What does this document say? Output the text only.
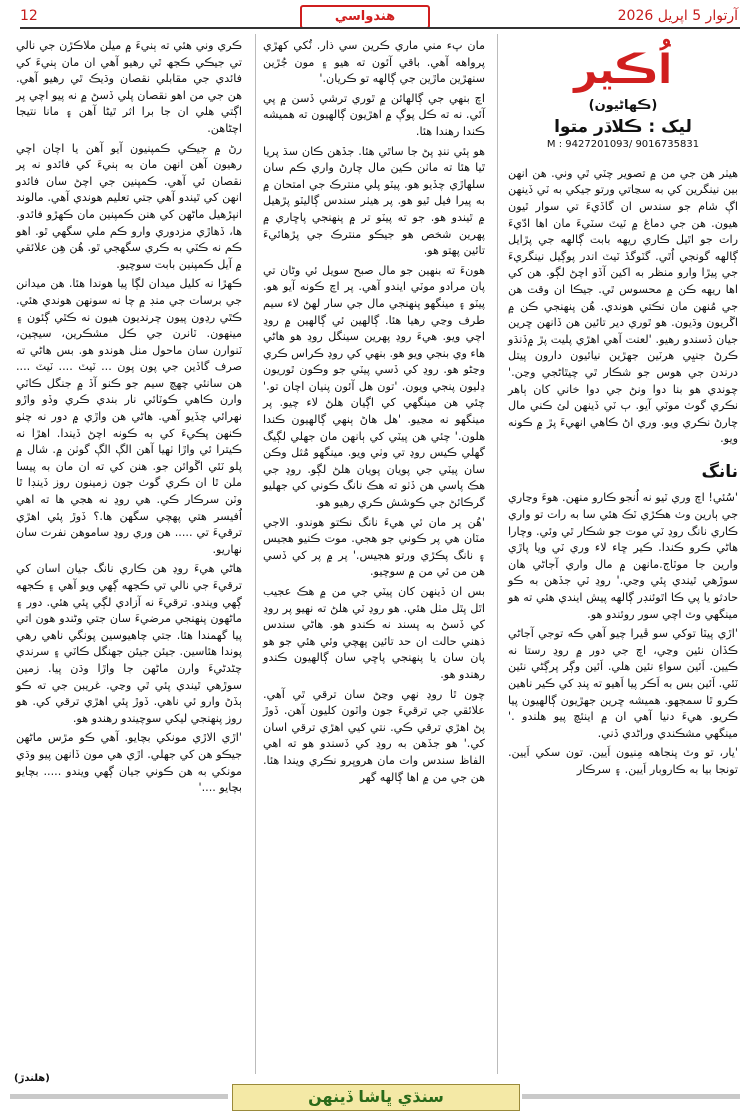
12	هندواسي	آرتوار 5 اپريل 2026
اُڪير
(ڪهاڻيون)
ليک : ڪلاڌر متوا
M : 9427201093/ 9016735831

هيٺر هن جي من ۾ تصوير چٽي ٿي وني. هن انهن بين نينگرين کي به سڃاتي ورتو جيکي به ٽي ڏينهن اڳ شام جو سندس ان گاڏيءَ تي سوار ٿيون هيون. هن جي دماغ ۾ ٽيٽ سٽيءَ مان اها ادّيءَ رات جو اٿيل ڪاري ريهه بابت ڳالهه جي پڙايل ڳالهه گونجي اُٿي. گٽوگڏ ٽيٽ اندر پوڳيل نينگريءَ جي پيڙا وارو منظر به اکين آڏو اچڻ لڳو. هن کي اها ريهه ڪن ۾ محسوس ٿي. جيڪا ان وقت هن جي مُنهن مان نڪتي هوندي. هُن پنهنجي ڪن ۾ اڱريون وڌيون. هو ٿوري دير تائين هن ڏانهن ڇرين جيان ڏسندو رهيو. 'لعنت آهي اهڙي پليت پڙ ۾ڏنڌو ڪرڻ جنڀي هرٽين جهڙين نيائيون دارون پيتل درندن جي هوس جو شڪار ٿي چيٿاڻجي وڃن.' چوندي هو بنا دوا ونڻ جي دوا خاني کان ٻاهر نڪري گوٺ موٽي آيو. ٻ ٽي ڏينهن لئ ڪني مال چارڻ نڪري ويو. وري اڻ ڪاهي انهيءَ پڙ ۾ ڪونه ويو.

نانگ

'سُئي! اچ وري ٽيو نه اُنجو ڪارو منهن. هوءَ وڃاري جي ٻارين وٺ هڪڙي ٽڪ هئي سا به رات تو واري ڪاري نانگ روڍ ٽي موت جو شڪار ٿي وئي. وچارا هاڻي ڪرو ڪندا. ڪير ڇاء لاء وري ٽي ويا پاڙي وارين جا موٽاڄ.مانهن ۾ مال واري آجاڻي هان سوڙهي ٿيندي پئي وڃي.' روڍ ٽي جڏهن به ڪو حادثو يا پي ڪا اٿوئنڊر ڳالهه پيش ايندي هئي ته هو مينگهي وٽ اچي سور روئندو هو.

'اڙي پيٽا توکي سو ڦيرا چيو آهي ڪه توجي آجاڻي ڪڏان نئين وڃي، اچ جي دور ۾ روڍ رستا نه ڪيين. اَئين سواءِ نئين هلي. اَئين وڳر پرڳڻي نئين ٽئي. اَئين بس به اَڪر پيا اَهيو ته پنڊ کي ڪير ناهين ڪرو ٿا سمجهو. هميشه ڇرين جهڙيون ڳالهيون پيا ڪريو. هيءَ دنيا آهي ان ۾ اينئچ پيو هلندو .' مينگهي مشڪندي وراڻدي ڏني.

'يار، تو وٽ پنجاهه مِنيون اَيين. تون سکي اَيين. تونجا بيا به ڪاروبار اَيين. ۽ سرڪار

مان پء مني ماري ڪرين سي ذار. ٽُکي کهڙي پرواهه آهي. باقي آئون ته هيو ۽ مون جُڙين سنهڙين ماڙين جي ڳالهه تو ڪريان.'

اچ بنهي جي ڳالهائن ۾ ٿوري ترشي ڏسن ۾ پي آئي. نه ته ڪل پوڳ ۾ اهڙيون ڳالهيون ته هميشه ڪندا رهندا هئا.

هو ٻئي ننڍ پڻ جا ساٿي هئا. جڏهن ڪان سڌ پريا ٿيا هئا ته ماٺن ڪين مال چارڻ واري ڪم سان سلهاڙي چڏيو هو. پيٽو پلي منترڪ جي امتحان ۾ به پيرا فيل ٿيو هو. پر هيٺر سندس ڳاليٽو پڙهيل ۾ ٿيندو هو. جو ته پيٽو تر ۾ پنهنجي پاڇاري ۾ پهرين شخص هو جيڪو منترڪ جي پڙهائيءَ تائين پهتو هو.

هونءَ ته بنهين جو مال صبح سويل ئي وڻان تي پان مرادو موٽي ايندو آهي. پر اچ ڪونه آيو هو. پيٽو ۽ مينگهو پنهنجي مال جي سار لهڻ لاء سيم طرف وڃي رهيا هئا. ڳالهين ئي ڳالهين ۾ روڍ اچي ويو. هيءَ روڍ پهرين سينگل روڍ هو هاڻي هاء وي بنجي ويو هو. بنهي کي روڍ ڪراس ڪري وڃڻو هو. روڍ کي ڏسي پيٽي جو وڪون ٿوريون ڍليون پنجي ويون. 'تون هل آئون پنيان اچان تو.' چئي هن مينگهي کي اڳيان هلڻ لاء چيو. پر مينگهو نه مڃيو. 'هل هاڻ ٻنهي ڳالهيون ڪندا هلون.' چئي هن پيٽي کي ٻانهن مان جهلي لڳيگ گهلي ڪيس روڍ تي وٺي ويو. مينگهو مُثل وڪن سان پيٽي جي پويان پويان هلڻ لڳو. روڍ جي هڪ پاسي هن ڏٺو ته هڪ نانگ ڪوني کي جهليو گرڪائڻ جي ڪوشش ڪري رهيو هو.

'هُن پر مان ئي هيءَ نانگ نڪتو هوندو. الاجي مٽان هي پر ڪوني جو هجي. موت ڪنيو هجيس ۽ نانگ پڪڙي ورتو هجيس.' پر ۾ پر کي ڏسي هن من ئي من ۾ سوچيو.

بس ان ڏينهن کان پيٽي جي من ۾ هڪ عجيب اٿل پٿل مٺل هئي. هو روڍ ٽي هلڻ ته نهيو پر روڍ کي ڏسڻ به پسند نه ڪندو هو. هاڻي سندس ذهني حالت ان حد تائين پهچي وئي هئي جو هو پان سان يا پنهنجي پاڇي سان ڳالهيون ڪندو رهندو هو.

چون ٿا روڍ نهي وڃڻ سان ترقي ٿي آهي. علائقي جي ترقيءَ جون واٽون کليون آهن. ڏوڙ پڻ اهڙي ترقي ڪي. نتي کيي اهڙي ترقي اسان کي.' هو جڏهن به روڍ کي ڏسندو هو ته اهي الفاظ سندس وات مان هروپرو نڪري ويندا هئا. هن جي من ۾ اها ڳالهه گهر

ڪري وني هئي ته ٻنيءَ ۾ ميلن ملاڪڙن جي نالي تي جيڪي ڪجھ ٿي رهيو آهي ان مان ٻنيءَ کي فائدي جي مقابلي نقصان وڌيڪ ٿي رهيو آهي. هن جي من اهو نقصان پلي ڏسڻ ۾ نه پيو اچي پر اڳتي هلي ان جا برا اثر ٿيڻا آهن ۽ مانا نتيجا اچڻاهن.

رڻ ۾ جيڪي ڪمپنيون آيو آهن يا اچان اچي رهيون آهن انهن مان به ٻنيءَ کي فائدو نه پر نقصان ئي آهي. ڪمپنين جي اچڻ سان فائدو انهن کي ٿيندو آهي جتي تعليم هوندي آهي. مالوند انپڙهيل ماڻهن کي هنن ڪمپنين مان ڪهڙو فائدو. ها، ڏهاڙي مزدوري وارو ڪم ملي سگهي ٿو. اهو ڪم نه ڪٽي به ڪري سگهجي ٿو. هُن هِن علائقي ۾ آيل ڪمپنين بابت سوچيو.

ڪهڙا نه کليل ميدان لڳا پيا هوندا هئا. هن ميدانن جي برسات جي منڊ ۾ چا نه سونهن هوندي هئي. ڪٿي رڍون پيون چرنديون هيون نه ڪٿي ڳئون ۽ مينهون. ٽانرن جي ڪل مشڪرين، سيڄين، ٽنوارن سان ماحول منل هوندو هو. بس هاڻي ته صرف گاڏين جي پون پون ... ٽيٽ .... ٽيٽ .... هن سانئي چهچ سيم جو ڪنو آڏ ۾ جنگل ڪاٽي وارن ڪاهي ڪوٽائي نار بندي ڪري وڏو واڙو نهرائي چڏيو آهي. هاڻي هن واڙي ۾ دور نه چٺو ڪنهن پڪيءَ کي به ڪونه اچڻ ڏيندا. اهڙا نه ڪيترا ئي واڙا ٺهيا آهن الڳ الڳ گوٺن ۾. شال ۾ پلو ٽئي اڱوائن جو. هنن کي ته ان مان به پيسا ملن ٿا ان ڪري گوٺ جون زمينون روز ڏينڊا ٿا وٽن سرڪار ڪي. هي روڍ نه هجي ها ته اهي اُفيسر هتي پهچي سگهن ها.؟ ڏوڙ پئي اهڙي ترقيءَ تي ..... هن وري روڍ ساموهن نفرت سان نهاريو.

هاڻي هيءَ روڍ هن ڪاري نانگ جيان اسان کي ترقيءَ جي نالي تي ڪجھه ڳهي ويو آهي ۽ ڪجهه ڳهي ويندو. ترقيءَ نه آزادي لڳي پئي هئي. دور ۽ ماڻهون پنهنجي مرضيءَ سان جتي وڻندو هون اتي پيا گهمندا هئا. جتي چاهيوسين پونگي ناهي رهي پوندا هئاسين. جيئن جيئن جهنگل ڪاٽي ۽ سرندي چڻدڻيءَ وارن ماڻهن جا واڙا وڌن پيا. زمين سوڙهي ٿيندي پئي ٿي وڃي. غريبن جي ته ڪو ٻڏڻ وارو ئي ناهي. ڏوڙ پئي اهڙي ترقي کي. هو روز پنهنجي ليکي سوچيندو رهندو هو.

'اڙي الاڙي مونکي بچايو. آهي ڪو مڙس ماڻهن جيڪو هن کي جهلي. اڙي هي مون ڏانهن پيو وڌي مونکي به هن ڪوني جيان ڳهي ويندو ..... بچايو بچايو ....'

(هلندڙ)
سنڌي ڀاشا ڏينهن
